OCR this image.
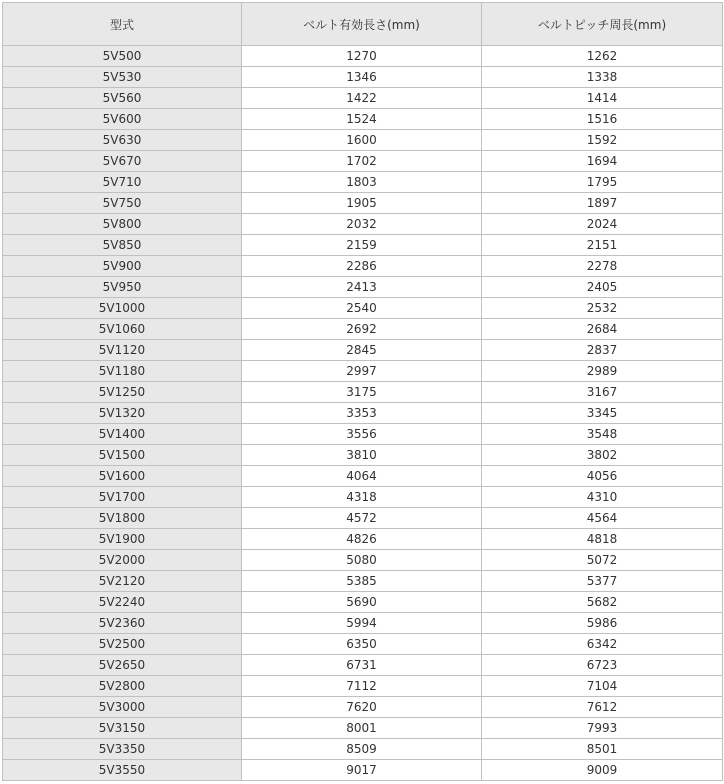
型式	ベルト有効長さ(mm)	ベルトピッチ周長(mm)
5V500	1270	1262
5V530	1346	1338
5V560	1422	1414
5V600	1524	1516
5V630	1600	1592
5V670	1702	1694
5V710	1803	1795
5V750	1905	1897
5V800	2032	2024
5V850	2159	2151
5V900	2286	2278
5V950	2413	2405
5V1000	2540	2532
5V1060	2692	2684
5V1120	2845	2837
5V1180	2997	2989
5V1250	3175	3167
5V1320	3353	3345
5V1400	3556	3548
5V1500	3810	3802
5V1600	4064	4056
5V1700	4318	4310
5V1800	4572	4564
5V1900	4826	4818
5V2000	5080	5072
5V2120	5385	5377
5V2240	5690	5682
5V2360	5994	5986
5V2500	6350	6342
5V2650	6731	6723
5V2800	7112	7104
5V3000	7620	7612
5V3150	8001	7993
5V3350	8509	8501
5V3550	9017	9009
